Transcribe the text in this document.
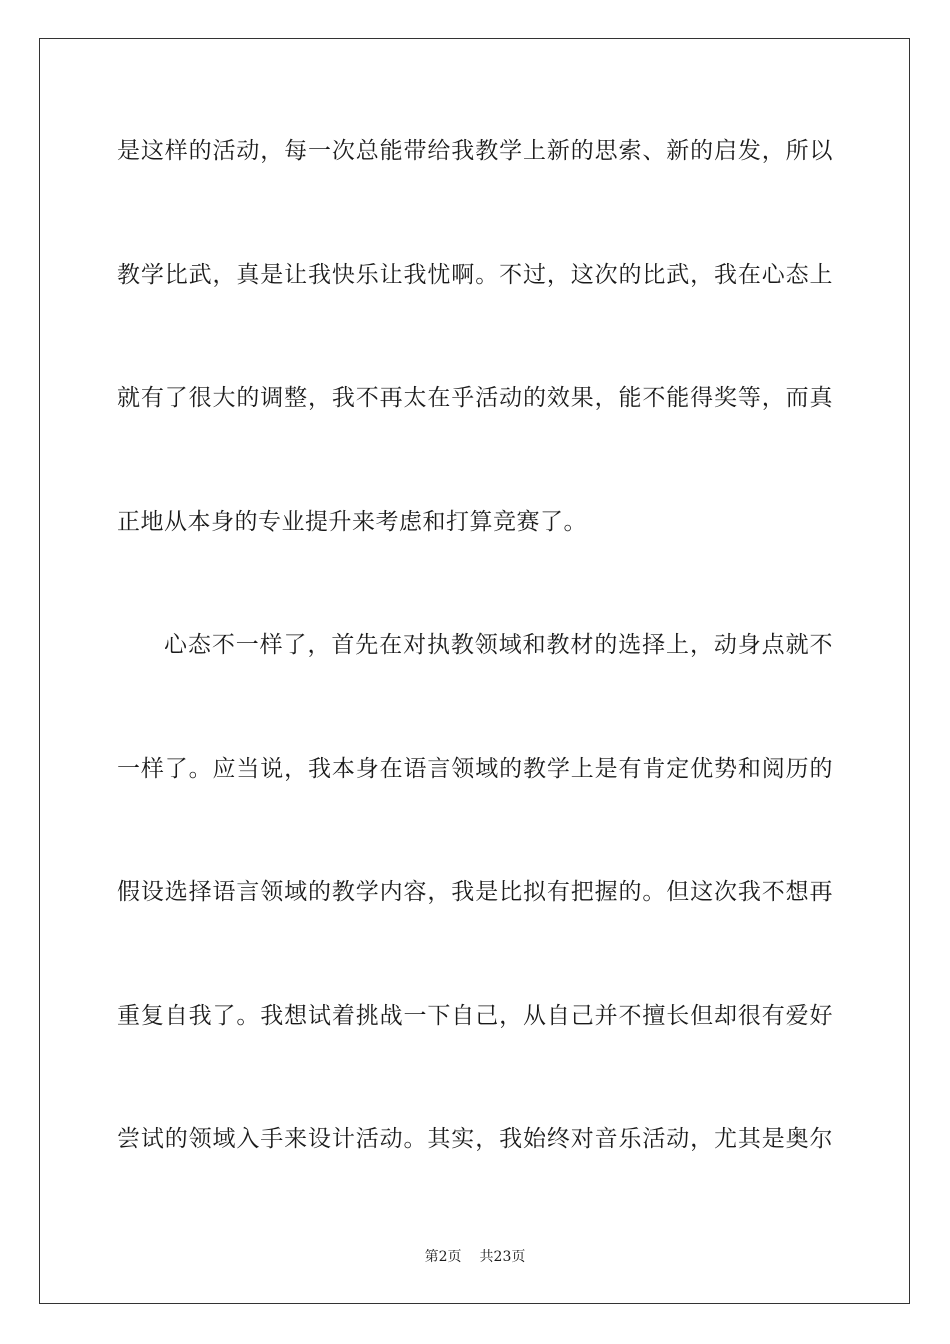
是这样的活动，每一次总能带给我教学上新的思索、新的启发，所以
教学比武，真是让我快乐让我忧啊。不过，这次的比武，我在心态上
就有了很大的调整，我不再太在乎活动的效果，能不能得奖等，而真
正地从本身的专业提升来考虑和打算竞赛了。
心态不一样了，首先在对执教领域和教材的选择上，动身点就不
一样了。应当说，我本身在语言领域的教学上是有肯定优势和阅历的
假设选择语言领域的教学内容，我是比拟有把握的。但这次我不想再
重复自我了。我想试着挑战一下自己，从自己并不擅长但却很有爱好
尝试的领域入手来设计活动。其实，我始终对音乐活动，尤其是奥尔
第2页 共23页
